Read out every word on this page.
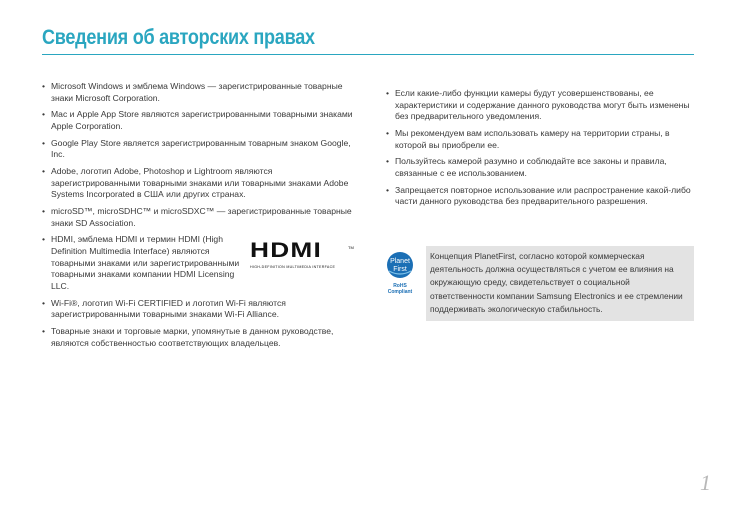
Сведения об авторских правах
• Microsoft Windows и эмблема Windows — зарегистрированные товарные знаки Microsoft Corporation.
• Mac и Apple App Store являются зарегистрированными товарными знаками Apple Corporation.
• Google Play Store является зарегистрированным товарным знаком Google, Inc.
• Adobe, логотип Adobe, Photoshop и Lightroom являются зарегистрированными товарными знаками или товарными знаками Adobe Systems Incorporated в США или других странах.
• microSD™, microSDHC™ и microSDXC™ — зарегистрированные товарные знаки SD Association.
• HDMI, эмблема HDMI и термин HDMI (High Definition Multimedia Interface) являются товарными знаками или зарегистрированными товарными знаками компании HDMI Licensing LLC.
HDMI	TM
HIGH-DEFINITION MULTIMEDIA INTERFACE
• Wi-Fi®, логотип Wi-Fi CERTIFIED и логотип Wi-Fi являются зарегистрированными товарными знаками Wi-Fi Alliance.
• Товарные знаки и торговые марки, упомянутые в данном руководстве, являются собственностью соответствующих владельцев.
• Если какие-либо функции камеры будут усовершенствованы, ее характеристики и содержание данного руководства могут быть изменены без предварительного уведомления.
• Мы рекомендуем вам использовать камеру на территории страны, в которой вы приобрели ее.
• Пользуйтесь камерой разумно и соблюдайте все законы и правила, связанные с ее использованием.
• Запрещается повторное использование или распространение какой-либо части данного руководства без предварительного разрешения.
Planet
First
RoHS
Compliant
Концепция PlanetFirst, согласно которой коммерческая деятельность должна осуществляться с учетом ее влияния на окружающую среду, свидетельствует о социальной ответственности компании Samsung Electronics и ее стремлении поддерживать экологическую стабильность.
1
